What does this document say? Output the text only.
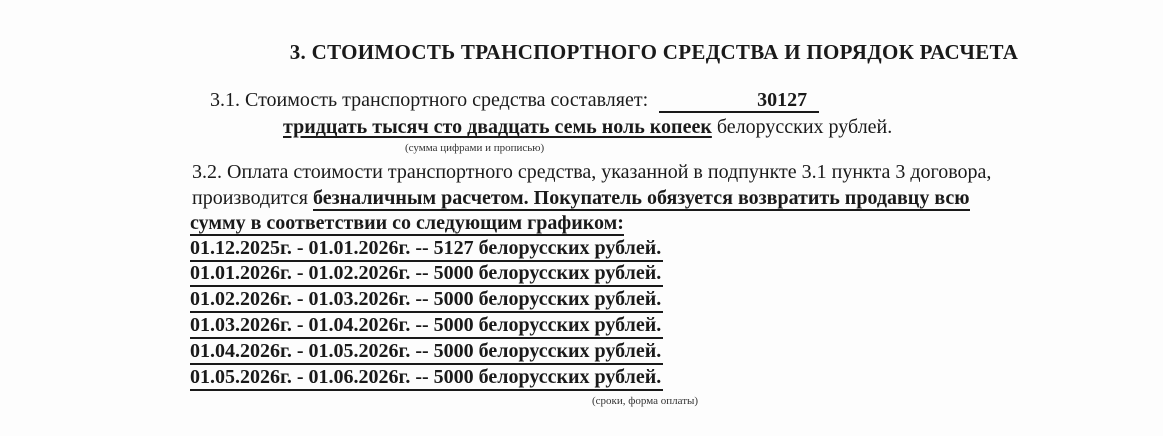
3. СТОИМОСТЬ ТРАНСПОРТНОГО СРЕДСТВА И ПОРЯДОК РАСЧЕТА
3.1. Стоимость транспортного средства составляет:	30127
тридцать тысяч сто двадцать семь ноль копеек белорусских рублей.
(сумма цифрами и прописью)
3.2. Оплата стоимости транспортного средства, указанной в подпункте 3.1 пункта 3 договора,
производится безналичным расчетом. Покупатель обязуется возвратить продавцу всю
сумму в соответствии со следующим графиком:
01.12.2025г. - 01.01.2026г. -- 5127 белорусских рублей.
01.01.2026г. - 01.02.2026г. -- 5000 белорусских рублей.
01.02.2026г. - 01.03.2026г. -- 5000 белорусских рублей.
01.03.2026г. - 01.04.2026г. -- 5000 белорусских рублей.
01.04.2026г. - 01.05.2026г. -- 5000 белорусских рублей.
01.05.2026г. - 01.06.2026г. -- 5000 белорусских рублей.
(сроки, форма оплаты)
